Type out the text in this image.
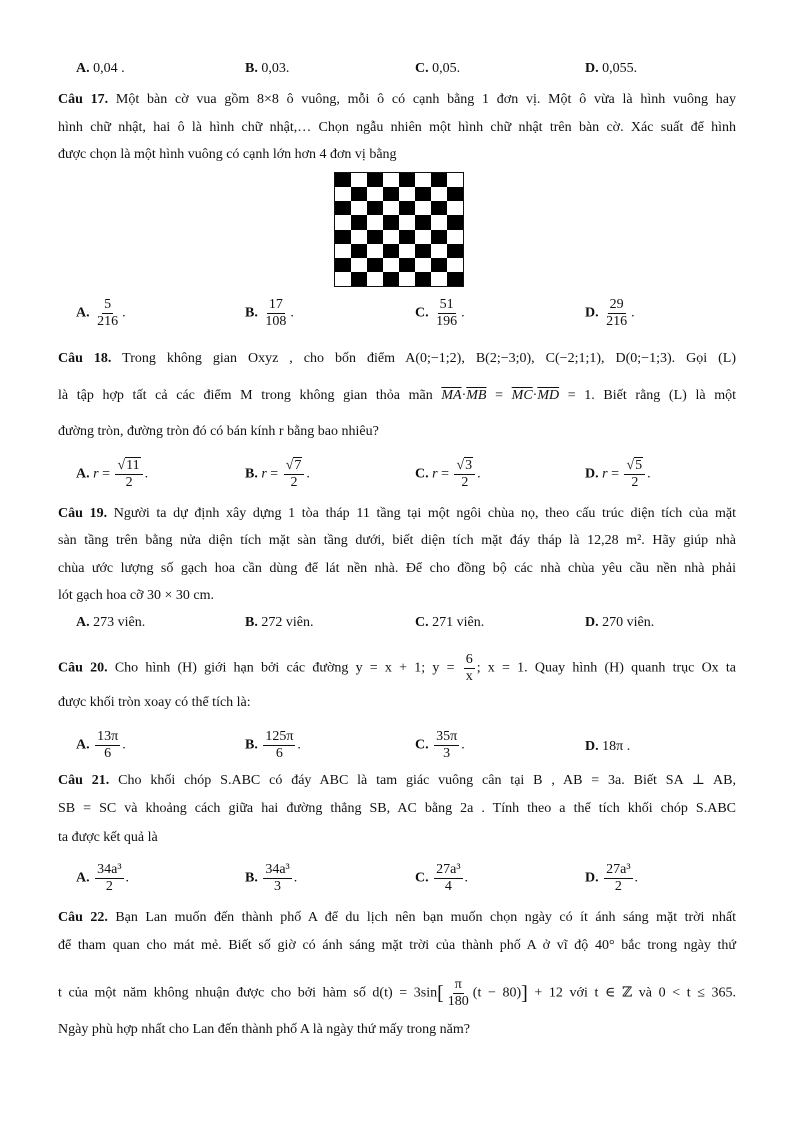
A. 0,04 .	B. 0,03.	C. 0,05.	D. 0,055.
Câu 17. Một bàn cờ vua gồm 8×8 ô vuông, mỗi ô có cạnh bằng 1 đơn vị. Một ô vừa là hình vuông hay
hình chữ nhật, hai ô là hình chữ nhật,… Chọn ngẫu nhiên một hình chữ nhật trên bàn cờ. Xác suất để hình
được chọn là một hình vuông có cạnh lớn hơn 4 đơn vị bằng
A. $\frac{5}{216}$ .	B. $\frac{17}{108}$ .	C. $\frac{51}{196}$ .	D. $\frac{29}{216}$ .
Câu 18. Trong không gian Oxyz , cho bốn điểm A(0;−1;2), B(2;−3;0), C(−2;1;1), D(0;−1;3). Gọi (L)
là tập hợp tất cả các điểm M trong không gian thỏa mãn $\overline{MA}\cdot\overline{MB} = \overline{MC}\cdot\overline{MD} = 1$. Biết rằng (L) là một
đường tròn, đường tròn đó có bán kính r bằng bao nhiêu?
A. $r = \frac{√11}{2}$ .	B. $r = \frac{√7}{2}$ .	C. $r = \frac{√3}{2}$ .	D. $r = \frac{√5}{2}$ .
Câu 19. Người ta dự định xây dựng 1 tòa tháp 11 tầng tại một ngôi chùa nọ, theo cấu trúc diện tích của mặt
sàn tầng trên bằng nửa diện tích mặt sàn tầng dưới, biết diện tích mặt đáy tháp là 12,28 m². Hãy giúp nhà
chùa ước lượng số gạch hoa cần dùng để lát nền nhà. Để cho đồng bộ các nhà chùa yêu cầu nền nhà phải
lót gạch hoa cỡ 30 × 30 cm.
A. 273 viên.	B. 272 viên.	C. 271 viên.	D. 270 viên.
Câu 20. Cho hình (H) giới hạn bởi các đường y = x + 1; $y = \frac{6}{x}$ ; x = 1. Quay hình (H) quanh trục Ox ta
được khối tròn xoay có thể tích là:
A. $\frac{13\pi}{6}$ .	B. $\frac{125\pi}{6}$ .	C. $\frac{35\pi}{3}$ .	D. 18π .
Câu 21. Cho khối chóp S.ABC có đáy ABC là tam giác vuông cân tại B , AB = 3a. Biết SA ⊥ AB,
SB = SC và khoảng cách giữa hai đường thẳng SB, AC bằng 2a . Tính theo a thể tích khối chóp S.ABC
ta được kết quả là
A. $\frac{\text{34a³}}{2}$ .	B. $\frac{\text{34a³}}{3}$ .	C. $\frac{\text{27a³}}{4}$ .	D. $\frac{\text{27a³}}{2}$ .
Câu 22. Bạn Lan muốn đến thành phố A để du lịch nên bạn muốn chọn ngày có ít ánh sáng mặt trời nhất
để tham quan cho mát mẻ. Biết số giờ có ánh sáng mặt trời của thành phố A ở vĩ độ 40° bắc trong ngày thứ
t của một năm không nhuận được cho bởi hàm số $d(t) = 3\sin[ \frac{\pi}{180} (t - 80)] + 12$ với t ∈ ℤ và 0 < t ≤ 365.
Ngày phù hợp nhất cho Lan đến thành phố A là ngày thứ mấy trong năm?
